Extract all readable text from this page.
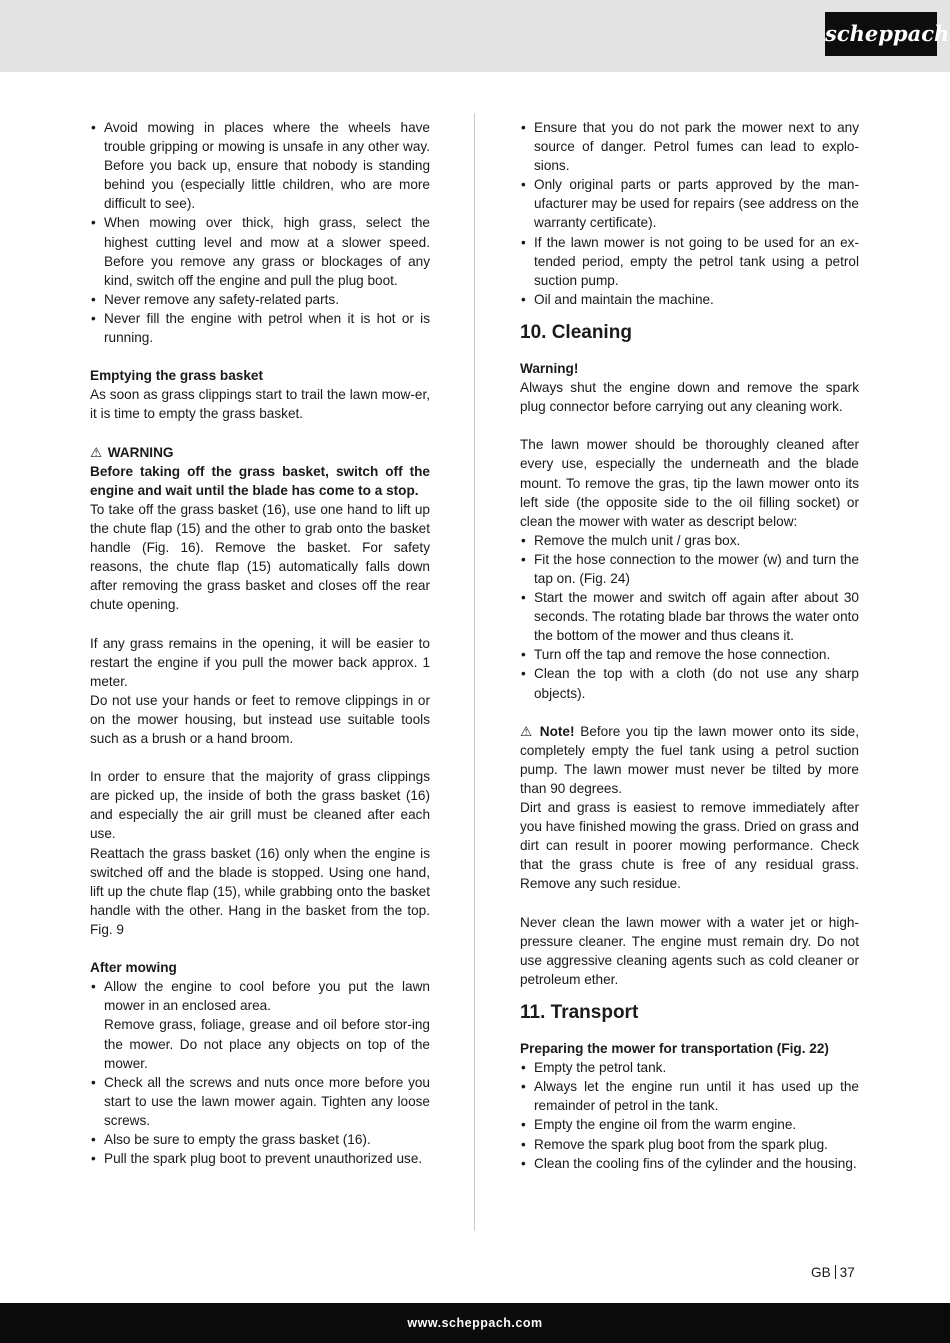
scheppach
• Avoid mowing in places where the wheels have trouble gripping or mowing is unsafe in any other way. Before you back up, ensure that nobody is standing behind you (especially little children, who are more difficult to see).
• When mowing over thick, high grass, select the highest cutting level and mow at a slower speed. Before you remove any grass or blockages of any kind, switch off the engine and pull the plug boot.
• Never remove any safety-related parts.
• Never fill the engine with petrol when it is hot or is running.

Emptying the grass basket

As soon as grass clippings start to trail the lawn mow-er, it is time to empty the grass basket.

⚠ WARNING

Before taking off the grass basket, switch off the engine and wait until the blade has come to a stop.

To take off the grass basket (16), use one hand to lift up the chute flap (15) and the other to grab onto the basket handle (Fig. 16). Remove the basket. For safety reasons, the chute flap (15) automatically falls down after removing the grass basket and closes off the rear chute opening.

If any grass remains in the opening, it will be easier to restart the engine if you pull the mower back approx. 1 meter.

Do not use your hands or feet to remove clippings in or on the mower housing, but instead use suitable tools such as a brush or a hand broom.

In order to ensure that the majority of grass clippings are picked up, the inside of both the grass basket (16) and especially the air grill must be cleaned after each use.

Reattach the grass basket (16) only when the engine is switched off and the blade is stopped. Using one hand, lift up the chute flap (15), while grabbing onto the basket handle with the other. Hang in the basket from the top. Fig. 9

After mowing

• Allow the engine to cool before you put the lawn mower in an enclosed area.
Remove grass, foliage, grease and oil before stor-ing the mower. Do not place any objects on top of the mower.
• Check all the screws and nuts once more before you start to use the lawn mower again. Tighten any loose screws.
• Also be sure to empty the grass basket (16).
• Pull the spark plug boot to prevent unauthorized use.
• Ensure that you do not park the mower next to any source of danger. Petrol fumes can lead to explo-sions.
• Only original parts or parts approved by the man-ufacturer may be used for repairs (see address on the warranty certificate).
• If the lawn mower is not going to be used for an ex-tended period, empty the petrol tank using a petrol suction pump.
• Oil and maintain the machine.
10. Cleaning

Warning!

Always shut the engine down and remove the spark plug connector before carrying out any cleaning work.

The lawn mower should be thoroughly cleaned after every use, especially the underneath and the blade mount. To remove the gras, tip the lawn mower onto its left side (the opposite side to the oil filling socket) or clean the mower with water as descript below:

• Remove the mulch unit / gras box.
• Fit the hose connection to the mower (w) and turn the tap on. (Fig. 24)
• Start the mower and switch off again after about 30 seconds. The rotating blade bar throws the water onto the bottom of the mower and thus cleans it.
• Turn off the tap and remove the hose connection.
• Clean the top with a cloth (do not use any sharp objects).

⚠ Note! Before you tip the lawn mower onto its side, completely empty the fuel tank using a petrol suction pump. The lawn mower must never be tilted by more than 90 degrees.

Dirt and grass is easiest to remove immediately after you have finished mowing the grass. Dried on grass and dirt can result in poorer mowing performance. Check that the grass chute is free of any residual grass. Remove any such residue.

Never clean the lawn mower with a water jet or high-pressure cleaner. The engine must remain dry. Do not use aggressive cleaning agents such as cold cleaner or petroleum ether.

11. Transport

Preparing the mower for transportation (Fig. 22)

• Empty the petrol tank.
• Always let the engine run until it has used up the remainder of petrol in the tank.
• Empty the engine oil from the warm engine.
• Remove the spark plug boot from the spark plug.
• Clean the cooling fins of the cylinder and the housing.
GB 37
www.scheppach.com
